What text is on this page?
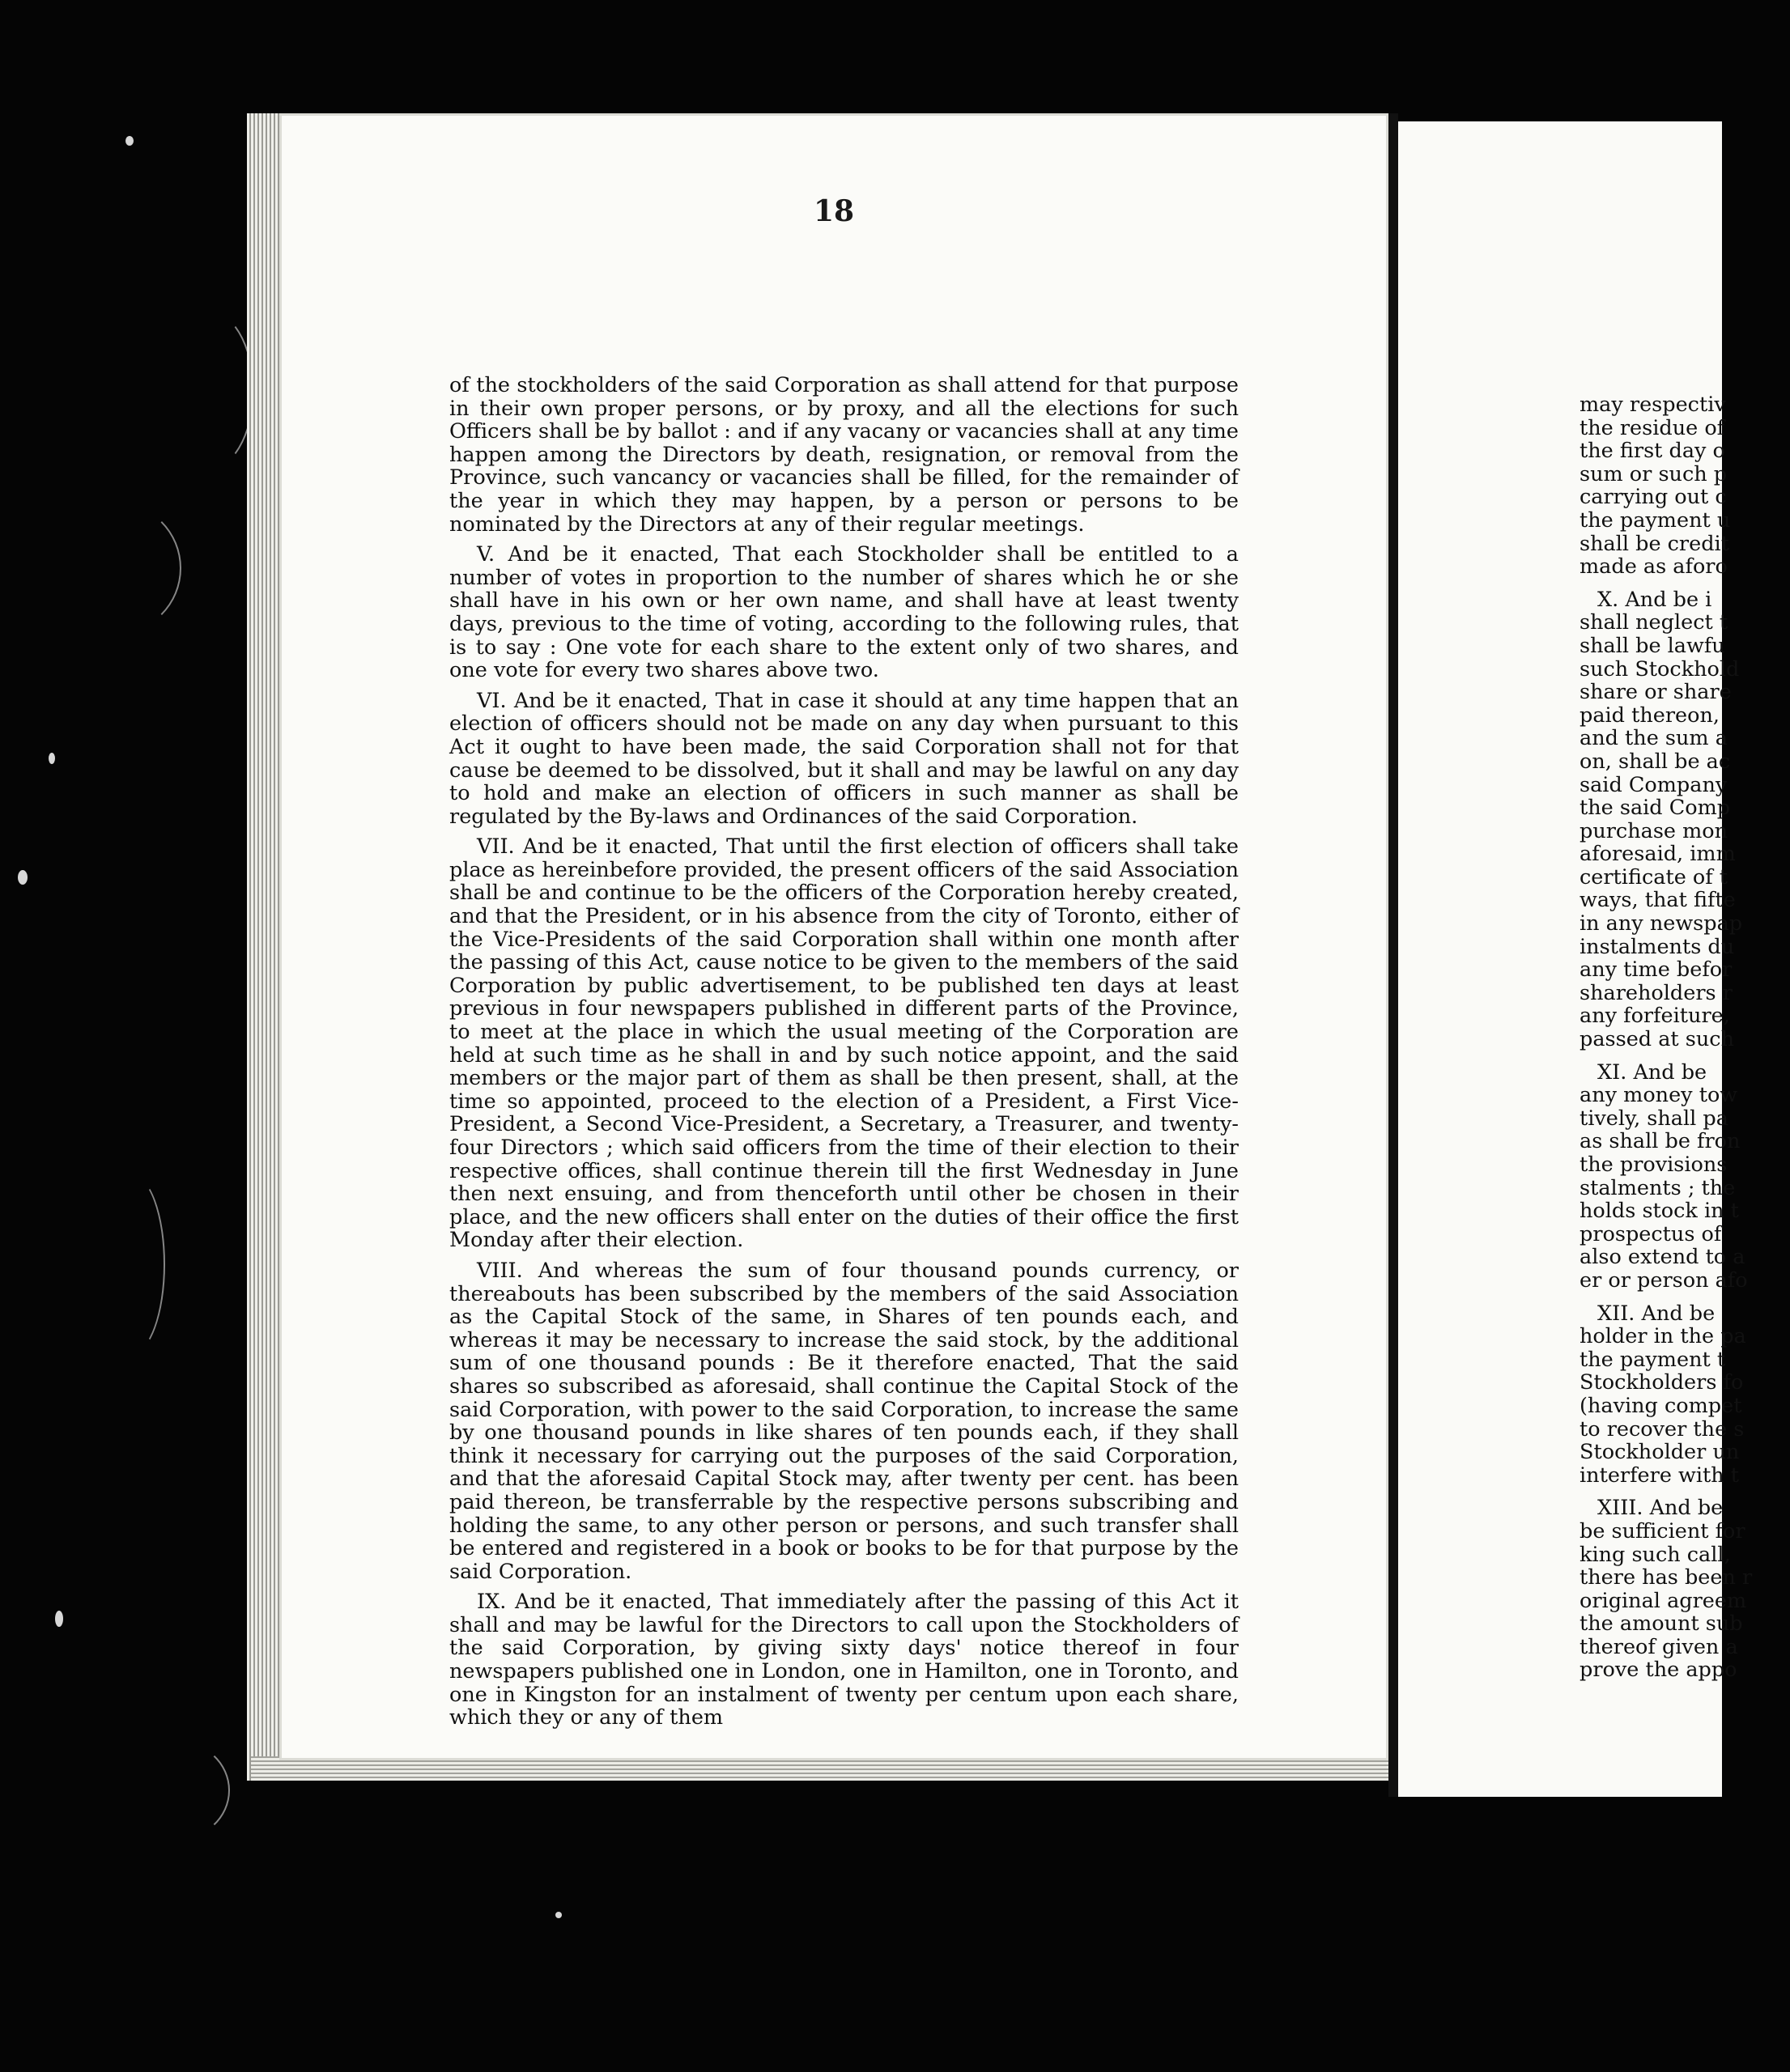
18

of the stockholders of the said Corporation as shall attend for that purpose in their own proper persons, or by proxy, and all the elections for such Officers shall be by ballot : and if any vacany or vacancies shall at any time happen among the Directors by death, resignation, or removal from the Province, such vancancy or vacancies shall be filled, for the remainder of the year in which they may happen, by a person or persons to be nominated by the Directors at any of their regular meetings.

V. And be it enacted, That each Stockholder shall be entitled to a number of votes in proportion to the number of shares which he or she shall have in his own or her own name, and shall have at least twenty days, previous to the time of voting, according to the following rules, that is to say : One vote for each share to the extent only of two shares, and one vote for every two shares above two.

VI. And be it enacted, That in case it should at any time happen that an election of officers should not be made on any day when pursuant to this Act it ought to have been made, the said Corporation shall not for that cause be deemed to be dissolved, but it shall and may be lawful on any day to hold and make an election of officers in such manner as shall be regulated by the By-laws and Ordinances of the said Corporation.

VII. And be it enacted, That until the first election of officers shall take place as hereinbefore provided, the present officers of the said Association shall be and continue to be the officers of the Corporation hereby created, and that the President, or in his absence from the city of Toronto, either of the Vice-Presidents of the said Corporation shall within one month after the passing of this Act, cause notice to be given to the members of the said Corporation by public advertisement, to be published ten days at least previous in four newspapers published in different parts of the Province, to meet at the place in which the usual meeting of the Corporation are held at such time as he shall in and by such notice appoint, and the said members or the major part of them as shall be then present, shall, at the time so appointed, proceed to the election of a President, a First Vice-President, a Second Vice-President, a Secretary, a Treasurer, and twenty-four Directors ; which said officers from the time of their election to their respective offices, shall continue therein till the first Wednesday in June then next ensuing, and from thenceforth until other be chosen in their place, and the new officers shall enter on the duties of their office the first Monday after their election.

VIII. And whereas the sum of four thousand pounds currency, or thereabouts has been subscribed by the members of the said Association as the Capital Stock of the same, in Shares of ten pounds each, and whereas it may be necessary to increase the said stock, by the additional sum of one thousand pounds : Be it therefore enacted, That the said shares so subscribed as aforesaid, shall continue the Capital Stock of the said Corporation, with power to the said Corporation, to increase the same by one thousand pounds in like shares of ten pounds each, if they shall think it necessary for carrying out the purposes of the said Corporation, and that the aforesaid Capital Stock may, after twenty per cent. has been paid thereon, be transferrable by the respective persons subscribing and holding the same, to any other person or persons, and such transfer shall be entered and registered in a book or books to be for that purpose by the said Corporation.

IX. And be it enacted, That immediately after the passing of this Act it shall and may be lawful for the Directors to call upon the Stockholders of the said Corporation, by giving sixty days' notice thereof in four newspapers published one in London, one in Hamilton, one in Toronto, and one in Kingston for an instalment of twenty per centum upon each share, which they or any of them

may respectiv
the residue of
the first day o
sum or such p
carrying out c
the payment u
shall be credit
made as aforo
X. And be i
shall neglect t
shall be lawfu
such Stockhold
share or share
paid thereon,
and the sum a
on, shall be ac
said Company
the said Comp
purchase mon
aforesaid, imm
certificate of t
ways, that fifte
in any newspap
instalments du
any time befor
shareholders r
any forfeiture,
passed at such
XI. And be
any money tow
tively, shall pa
as shall be fron
the provisions
stalments ; the
holds stock in t
prospectus of
also extend to a
er or person afo
XII. And be
holder in the pa
the payment t
Stockholders fo
(having compet
to recover the s
Stockholder un
interfere with t
XIII. And be
be sufficient for
king such call,
there has been r
original agreem
the amount sub
thereof given a
prove the appo
